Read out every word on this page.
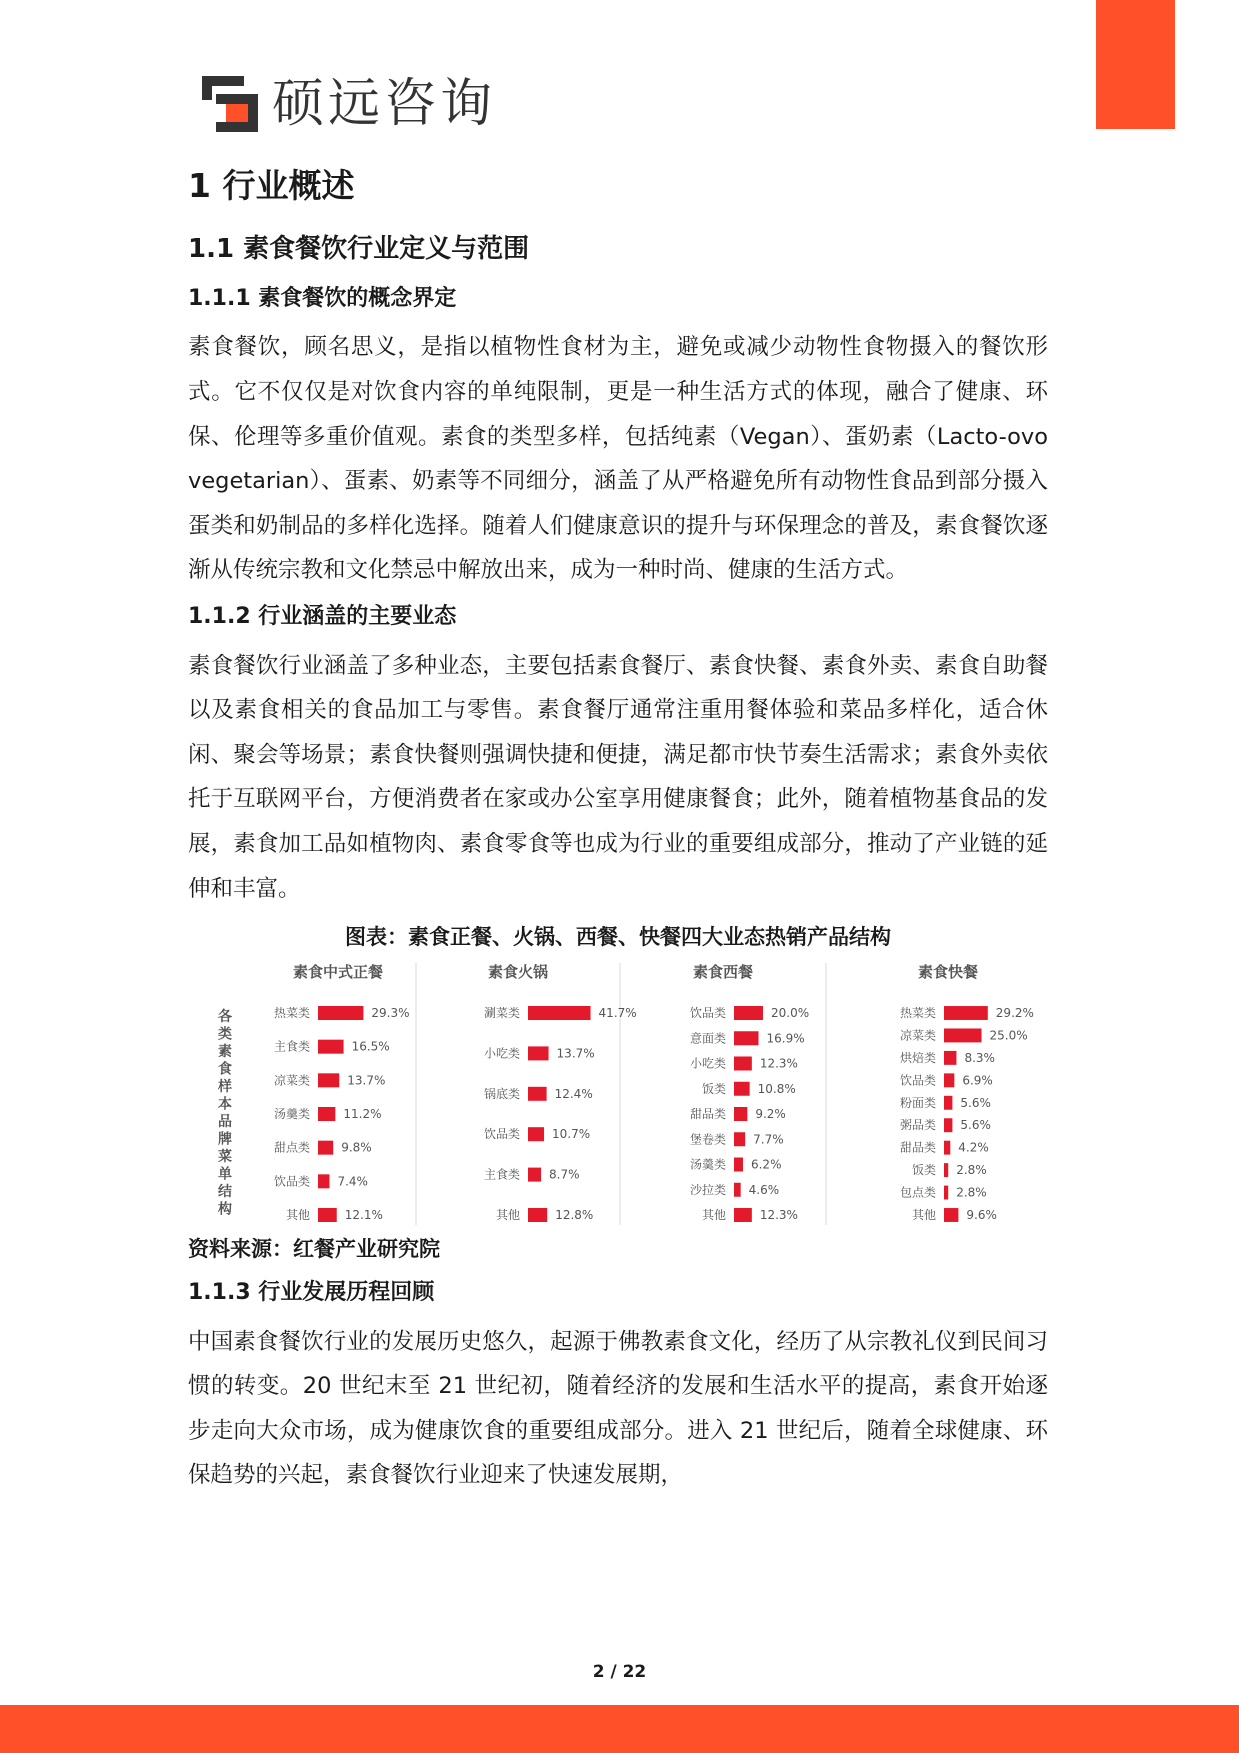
硕远咨询
1 行业概述
1.1 素食餐饮行业定义与范围
1.1.1 素食餐饮的概念界定

素食餐饮，顾名思义，是指以植物性食材为主，避免或减少动物性食物摄入的餐饮形式。它不仅仅是对饮食内容的单纯限制，更是一种生活方式的体现，融合了健康、环保、伦理等多重价值观。素食的类型多样，包括纯素（Vegan）、蛋奶素（Lacto-ovo vegetarian）、蛋素、奶素等不同细分，涵盖了从严格避免所有动物性食品到部分摄入蛋类和奶制品的多样化选择。随着人们健康意识的提升与环保理念的普及，素食餐饮逐渐从传统宗教和文化禁忌中解放出来，成为一种时尚、健康的生活方式。

1.1.2 行业涵盖的主要业态

素食餐饮行业涵盖了多种业态，主要包括素食餐厅、素食快餐、素食外卖、素食自助餐以及素食相关的食品加工与零售。素食餐厅通常注重用餐体验和菜品多样化，适合休闲、聚会等场景；素食快餐则强调快捷和便捷，满足都市快节奏生活需求；素食外卖依托于互联网平台，方便消费者在家或办公室享用健康餐食；此外，随着植物基食品的发展，素食加工品如植物肉、素食零食等也成为行业的重要组成部分，推动了产业链的延伸和丰富。

图表：素食正餐、火锅、西餐、快餐四大业态热销产品结构
素食中式正餐
各类素食样本品牌菜单结构
热菜类	29.3%
主食类	16.5%
凉菜类	13.7%
汤羹类	11.2%
甜点类	9.8%
饮品类 7.4%
其他	12.1%
素食火锅
涮菜类	41.7%
小吃类	13.7%
锅底类	12.4%
饮品类	10.7%
主食类 8.7%
其他	12.8%
素食西餐
饮品类	20.0%
意面类	16.9%
小吃类	12.3%
饭类	10.8%
甜品类 9.2%
堡卷类 7.7%
汤羹类 6.2%
沙拉类 4.6%
其他	12.3%
素食快餐
热菜类	29.2%
凉菜类	25.0%
烘焙类 8.3%
饮品类 6.9%
粉面类 5.6%
粥品类 5.6%
甜品类 4.2%
饭类 2.8%
包点类 2.8%
其他	9.6%
资料来源：红餐产业研究院
1.1.3 行业发展历程回顾

中国素食餐饮行业的发展历史悠久，起源于佛教素食文化，经历了从宗教礼仪到民间习惯的转变。20 世纪末至 21 世纪初，随着经济的发展和生活水平的提高，素食开始逐步走向大众市场，成为健康饮食的重要组成部分。进入 21 世纪后，随着全球健康、环保趋势的兴起，素食餐饮行业迎来了快速发展期，

2 / 22
